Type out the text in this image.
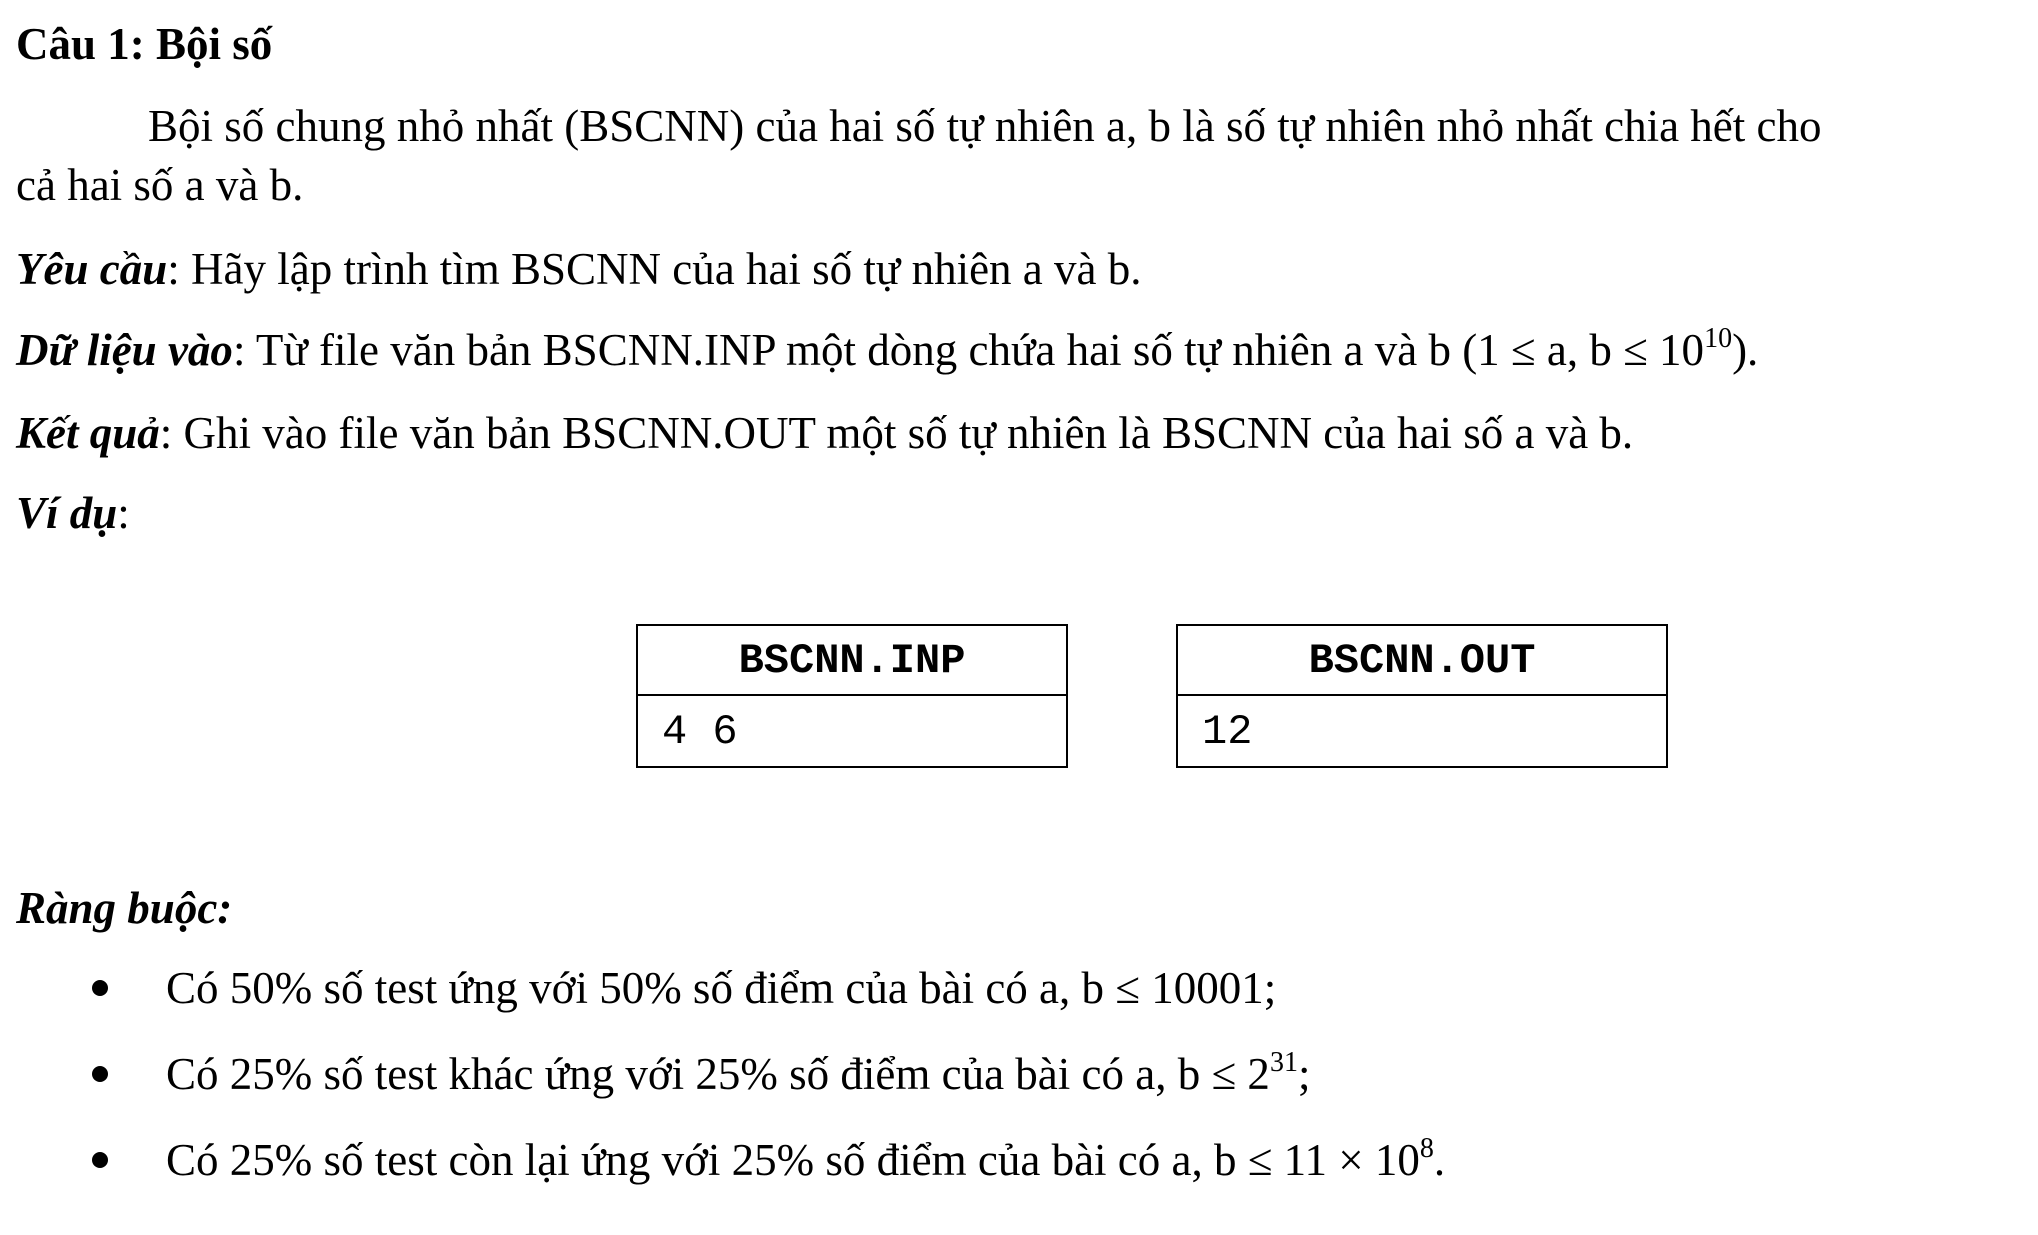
Câu 1: Bội số
Bội số chung nhỏ nhất (BSCNN) của hai số tự nhiên a, b là số tự nhiên nhỏ nhất chia hết cho
cả hai số a và b.
Yêu cầu: Hãy lập trình tìm BSCNN của hai số tự nhiên a và b.
Dữ liệu vào: Từ file văn bản BSCNN.INP một dòng chứa hai số tự nhiên a và b (1 ≤ a, $b \le 10^{10}$).
Kết quả: Ghi vào file văn bản BSCNN.OUT một số tự nhiên là BSCNN của hai số a và b.
Ví dụ:
BSCNN.INP
4 6
BSCNN.OUT
12
Ràng buộc:
Có 50% số test ứng với 50% số điểm của bài có a, b ≤ 10001;
Có 25% số test khác ứng với 25% số điểm của bài có a, $b \le 2^{31}$;
Có 25% số test còn lại ứng với 25% số điểm của bài có a, $b \le 11 \times 10^8$.
